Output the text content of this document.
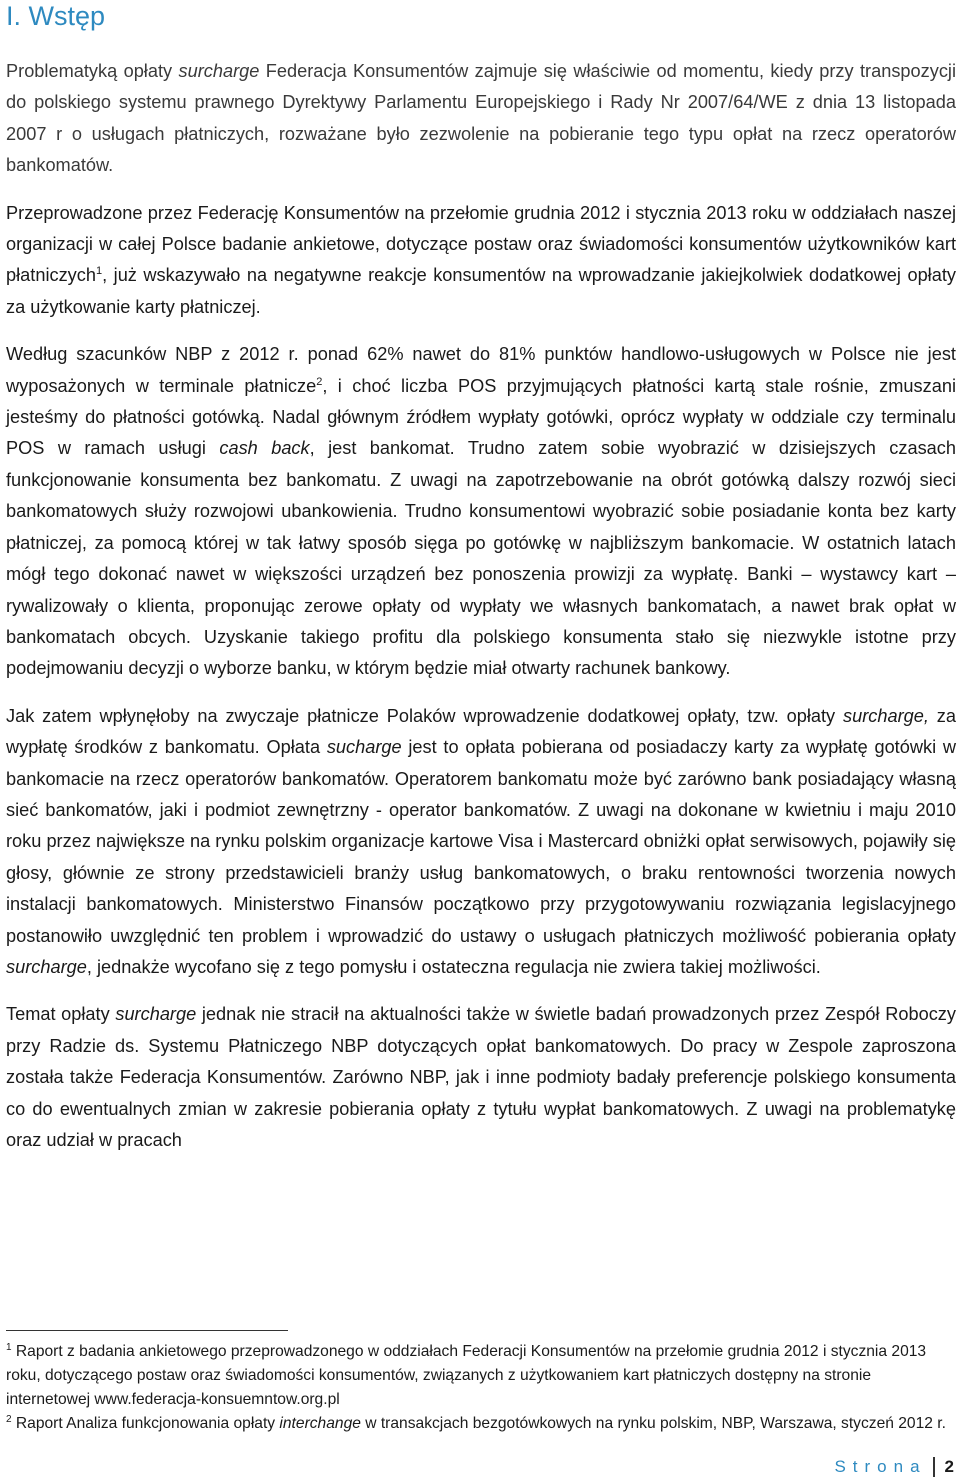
I. Wstęp

Problematyką opłaty surcharge Federacja Konsumentów zajmuje się właściwie od momentu, kiedy przy transpozycji do polskiego systemu prawnego Dyrektywy Parlamentu Europejskiego i Rady Nr 2007/64/WE z dnia 13 listopada 2007 r o usługach płatniczych, rozważane było zezwolenie na pobieranie tego typu opłat na rzecz operatorów bankomatów.

Przeprowadzone przez Federację Konsumentów na przełomie grudnia 2012 i stycznia 2013 roku w oddziałach naszej organizacji w całej Polsce badanie ankietowe, dotyczące postaw oraz świadomości konsumentów użytkowników kart płatniczych$^1$, już wskazywało na negatywne reakcje konsumentów na wprowadzanie jakiejkolwiek dodatkowej opłaty za użytkowanie karty płatniczej.

Według szacunków NBP z 2012 r. ponad 62% nawet do 81% punktów handlowo-usługowych w Polsce nie jest wyposażonych w terminale płatnicze$^2$, i choć liczba POS przyjmujących płatności kartą stale rośnie, zmuszani jesteśmy do płatności gotówką. Nadal głównym źródłem wypłaty gotówki, oprócz wypłaty w oddziale czy terminalu POS w ramach usługi cash back, jest bankomat. Trudno zatem sobie wyobrazić w dzisiejszych czasach funkcjonowanie konsumenta bez bankomatu. Z uwagi na zapotrzebowanie na obrót gotówką dalszy rozwój sieci bankomatowych służy rozwojowi ubankowienia. Trudno konsumentowi wyobrazić sobie posiadanie konta bez karty płatniczej, za pomocą której w tak łatwy sposób sięga po gotówkę w najbliższym bankomacie. W ostatnich latach mógł tego dokonać nawet w większości urządzeń bez ponoszenia prowizji za wypłatę. Banki – wystawcy kart – rywalizowały o klienta, proponując zerowe opłaty od wypłaty we własnych bankomatach, a nawet brak opłat w bankomatach obcych. Uzyskanie takiego profitu dla polskiego konsumenta stało się niezwykle istotne przy podejmowaniu decyzji o wyborze banku, w którym będzie miał otwarty rachunek bankowy.

Jak zatem wpłynęłoby na zwyczaje płatnicze Polaków wprowadzenie dodatkowej opłaty, tzw. opłaty surcharge, za wypłatę środków z bankomatu. Opłata sucharge jest to opłata pobierana od posiadaczy karty za wypłatę gotówki w bankomacie na rzecz operatorów bankomatów. Operatorem bankomatu może być zarówno bank posiadający własną sieć bankomatów, jaki i podmiot zewnętrzny - operator bankomatów. Z uwagi na dokonane w kwietniu i maju 2010 roku przez największe na rynku polskim organizacje kartowe Visa i Mastercard obniżki opłat serwisowych, pojawiły się głosy, głównie ze strony przedstawicieli branży usług bankomatowych, o braku rentowności tworzenia nowych instalacji bankomatowych. Ministerstwo Finansów początkowo przy przygotowywaniu rozwiązania legislacyjnego postanowiło uwzględnić ten problem i wprowadzić do ustawy o usługach płatniczych możliwość pobierania opłaty surcharge, jednakże wycofano się z tego pomysłu i ostateczna regulacja nie zwiera takiej możliwości.

Temat opłaty surcharge jednak nie stracił na aktualności także w świetle badań prowadzonych przez Zespół Roboczy przy Radzie ds. Systemu Płatniczego NBP dotyczących opłat bankomatowych. Do pracy w Zespole zaproszona została także Federacja Konsumentów. Zarówno NBP, jak i inne podmioty badały preferencje polskiego konsumenta co do ewentualnych zmian w zakresie pobierania opłaty z tytułu wypłat bankomatowych. Z uwagi na problematykę oraz udział w pracach

$^1$ Raport z badania ankietowego przeprowadzonego w oddziałach Federacji Konsumentów na przełomie grudnia 2012 i stycznia 2013 roku, dotyczącego postaw oraz świadomości konsumentów, związanych z użytkowaniem kart płatniczych dostępny na stronie internetowej www.federacja-konsuemntow.org.pl

$^2$ Raport Analiza funkcjonowania opłaty interchange w transakcjach bezgotówkowych na rynku polskim, NBP, Warszawa, styczeń 2012 r.

Strona 2
